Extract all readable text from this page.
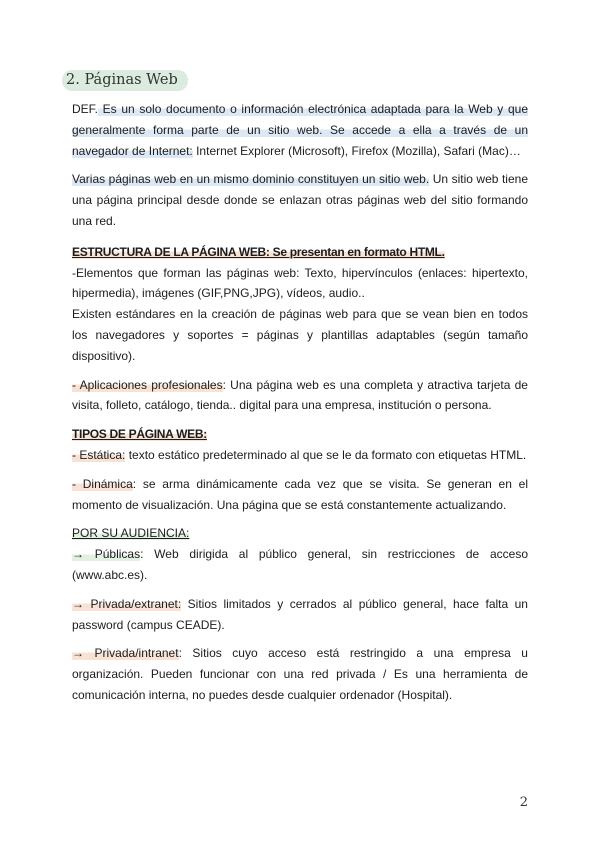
2. Páginas Web

DEF. Es un solo documento o información electrónica adaptada para la Web y que generalmente forma parte de un sitio web. Se accede a ella a través de un navegador de Internet: Internet Explorer (Microsoft), Firefox (Mozilla), Safari (Mac)…

Varias páginas web en un mismo dominio constituyen un sitio web. Un sitio web tiene una página principal desde donde se enlazan otras páginas web del sitio formando una red.

ESTRUCTURA DE LA PÁGINA WEB: Se presentan en formato HTML.

-Elementos que forman las páginas web: Texto, hipervínculos (enlaces: hipertexto, hipermedia), imágenes (GIF,PNG,JPG), vídeos, audio..

Existen estándares en la creación de páginas web para que se vean bien en todos los navegadores y soportes = páginas y plantillas adaptables (según tamaño dispositivo).

- Aplicaciones profesionales: Una página web es una completa y atractiva tarjeta de visita, folleto, catálogo, tienda.. digital para una empresa, institución o persona.

TIPOS DE PÁGINA WEB:

- Estática: texto estático predeterminado al que se le da formato con etiquetas HTML.

- Dinámica: se arma dinámicamente cada vez que se visita. Se generan en el momento de visualización. Una página que se está constantemente actualizando.

POR SU AUDIENCIA:

→ Públicas: Web dirigida al público general, sin restricciones de acceso (www.abc.es).

→ Privada/extranet: Sitios limitados y cerrados al público general, hace falta un password (campus CEADE).

→ Privada/intranet: Sitios cuyo acceso está restringido a una empresa u organización. Pueden funcionar con una red privada / Es una herramienta de comunicación interna, no puedes desde cualquier ordenador (Hospital).

2
